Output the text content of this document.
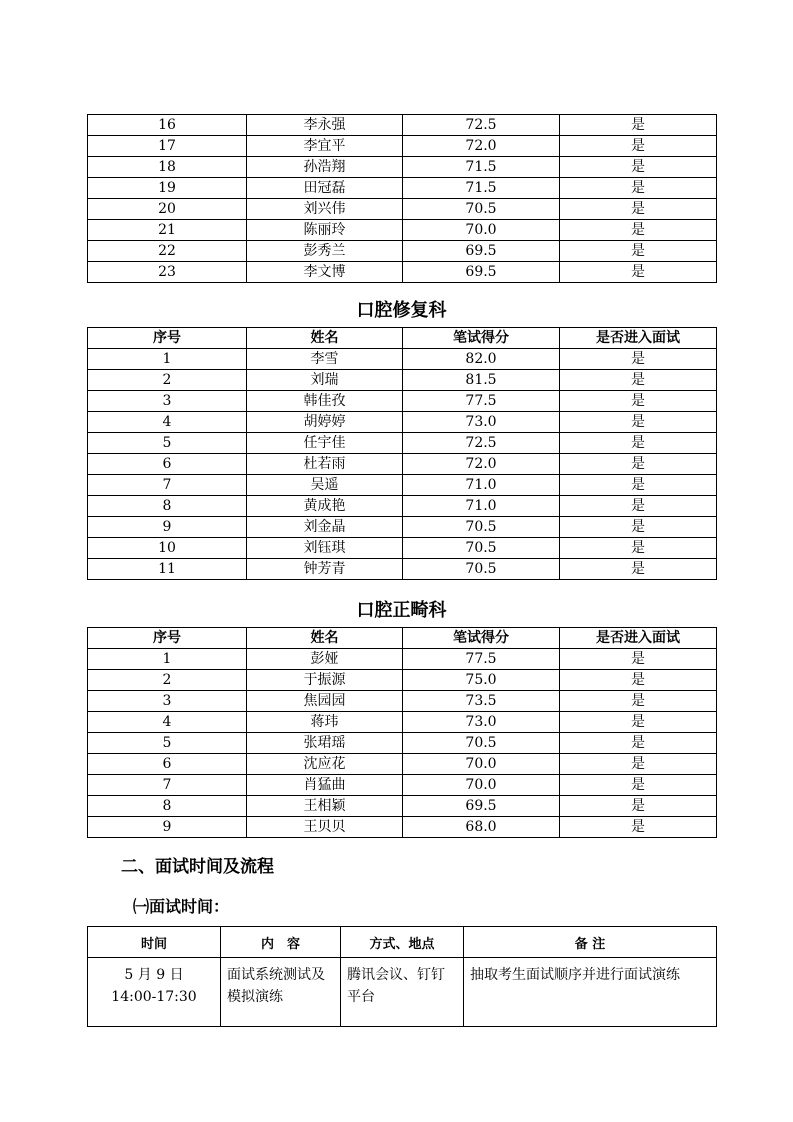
16	李永强	72.5	是
17	李宜平	72.0	是
18	孙浩翔	71.5	是
19	田冠磊	71.5	是
20	刘兴伟	70.5	是
21	陈丽玲	70.0	是
22	彭秀兰	69.5	是
23	李文博	69.5	是
口腔修复科
序号	姓名	笔试得分	是否进入面试
1	李雪	82.0	是
2	刘瑞	81.5	是
3	韩佳孜	77.5	是
4	胡婷婷	73.0	是
5	任宇佳	72.5	是
6	杜若雨	72.0	是
7	吴遥	71.0	是
8	黄成艳	71.0	是
9	刘金晶	70.5	是
10	刘钰琪	70.5	是
11	钟芳青	70.5	是
口腔正畸科
序号	姓名	笔试得分	是否进入面试
1	彭娅	77.5	是
2	于振源	75.0	是
3	焦园园	73.5	是
4	蒋玮	73.0	是
5	张珺瑶	70.5	是
6	沈应花	70.0	是
7	肖猛曲	70.0	是
8	王相颖	69.5	是
9	王贝贝	68.0	是
二、面试时间及流程
㈠面试时间：
时间	内　容	方式、地点	备 注

5 月 9 日
14:00-17:30	面试系统测试及模拟演练	腾讯会议、钉钉平台	抽取考生面试顺序并进行面试演练
